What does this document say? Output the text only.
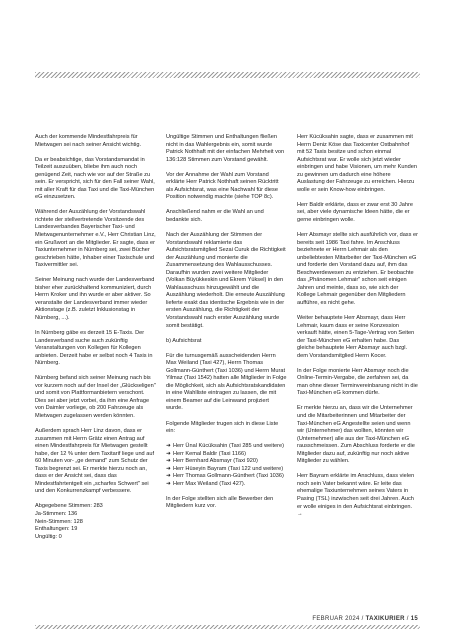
Auch der kommende Mindestfahrpreis für Mietwagen sei nach seiner Ansicht wichtig.

Da er beabsichtige, das Vorstandsmandat in Teilzeit auszuüben, bliebe ihm auch noch genügend Zeit, nach wie vor auf der Straße zu sein. Er verspricht, sich für den Fall seiner Wahl, mit aller Kraft für das Taxi und die Taxi-München eG einzusetzen.

Während der Auszählung der Vorstandswahl richtete der stellvertretende Vorsitzende des Landesverbandes Bayerischer Taxi- und Mietwagenunternehmer e.V., Herr Christian Linz, ein Grußwort an die Mitglieder. Er sagte, dass er Taxiunternehmer in Nürnberg sei, zwei Bücher geschrieben hätte, Inhaber einer Taxischule und Taxivermittler sei.

Seiner Meinung nach wurde der Landesverband bisher eher zurückhaltend kommuniziert, durch Herrn Kroker und ihn wurde er aber aktiver. So veranstalte der Landesverband immer wieder Aktionstage (z.B. zuletzt Inklusionstag in Nürnberg, ...).

In Nürnberg gäbe es derzeit 15 E-Taxis. Der Landesverband suche auch zukünftig Veranstaltungen von Kollegen für Kollegen anbieten. Derzeit habe er selbst noch 4 Taxis in Nürnberg.

Nürnberg befand sich seiner Meinung nach bis vor kurzem noch auf der Insel der „Glückseligen" und somit von Plattformanbietern verschont. Dies sei aber jetzt vorbei, da ihm eine Anfrage von Daimler vorliege, ob 200 Fahrzeuge als Mietwagen zugelassen werden könnten.

Außerdem sprach Herr Linz davon, dass er zusammen mit Herrn Grätz einen Antrag auf einen Mindestfahrpreis für Mietwagen gestellt habe, der 12 % unter dem Taxitarif liege und auf 60 Minuten vor- „ge demand" zum Schutz der Taxis begrenzt sei. Er merkte hierzu noch an, dass er der Ansicht sei, dass das Mindestfahrtentgelt ein „scharfes Schwert" sei und den Konkurrenzkampf verbessere.

Abgegebene Stimmen: 283

Ja-Stimmen: 136

Nein-Stimmen: 128

Enthaltungen: 19

Ungültig: 0

Ungültige Stimmen und Enthaltungen fließen nicht in das Wahlergebnis ein, somit wurde Patrick Nothhaft mit der einfachen Mehrheit von 136:128 Stimmen zum Vorstand gewählt.

Vor der Annahme der Wahl zum Vorstand erklärte Herr Patrick Nothhaft seinen Rücktritt als Aufsichtsrat, was eine Nachwahl für diese Position notwendig machte (siehe TOP 8c).

Anschließend nahm er die Wahl an und bedankte sich.

Nach der Auszählung der Stimmen der Vorstandswahl reklamierte das Aufsichtsratsmitglied Sezai Curuk die Richtigkeit der Auszählung und monierte die Zusammensetzung des Wahlausschusses. Daraufhin wurden zwei weitere Mitglieder (Volkan Büyükkeskin und Ekrem Yüksel) in den Wahlausschuss hinzugewählt und die Auszählung wiederholt. Die erneute Auszählung lieferte exakt das identische Ergebnis wie in der ersten Auszählung, die Richtigkeit der Vorstandswahl nach erster Auszählung wurde somit bestätigt.

b) Aufsichtsrat

Für die turnusgemäß ausscheidenden Herrn Max Weiland (Taxi 427), Herrn Thomas Gollmann-Günthert (Taxi 1036) und Herrn Murat Yilmaz (Taxi 1542) hatten alle Mitglieder in Folge die Möglichkeit, sich als Aufsichtsratskandidaten in eine Wahlliste eintragen zu lassen, die mit einem Beamer auf die Leinwand projiziert wurde.

Folgende Mitglieder trugen sich in diese Liste ein:

➜ Herr Ünal Kücüksahin (Taxi 285 und weitere)
➜ Herr Kemal Baldir (Taxi 1166)
➜ Herr Bernhard Absmayr (Taxi 920)
➜ Herr Hüseyin Bayram (Taxi 122 und weitere)
➜ Herr Thomas Gollmann-Günthert (Taxi 1036)
➜ Herr Max Weiland (Taxi 427).

In der Folge stellten sich alle Bewerber den Mitgliedern kurz vor.

Herr Kücüksahin sagte, dass er zusammen mit Herrn Deniz Köse das Taxicenter Ostbahnhof mit 52 Taxis besitze und schon einmal Aufsichtsrat war. Er wolle sich jetzt wieder einbringen und habe Visionen, um mehr Kunden zu gewinnen um dadurch eine höhere Auslastung der Fahrzeuge zu erreichen. Hierzu wolle er sein Know-how einbringen.

Herr Baldir erklärte, dass er zwar erst 30 Jahre sei, aber viele dynamische Ideen hätte, die er gerne einbringen wolle.

Herr Absmayr stellte sich ausführlich vor, dass er bereits seit 1986 Taxi fahre. Im Anschluss beziehnete er Herrn Lehmair als den unbeliebtesten Mitarbeiter der Taxi-München eG und forderte den Vorstand dazu auf, ihm das Beschwerdewesen zu entziehen. Er beobachte das „Phänomen Lehmair" schon seit einigen Jahren und meinte, dass so, wie sich der Kollege Lehmair gegenüber den Mitgliedern aufführe, es nicht gehe.

Weiter behauptete Herr Absmayr, dass Herr Lehmair, kaum dass er seine Konzession verkauft hätte, einen 5-Tage-Vertrag von Seiten der Taxi-München eG erhalten habe. Das gleiche behauptete Herr Absmayr auch bzgl. dem Vorstandsmitglied Herrn Kocer.

In der Folge monierte Herr Absmayr noch die Online-Termin-Vergabe, die zerfahren sei, da man ohne dieser Terminvereinbarung nicht in die Taxi-München eG kommen dürfe.

Er merkte hierzu an, dass wir die Unternehmer und die Mitarbeiterinnen und Mitarbeiter der Taxi-München eG Angestellte seien und wenn wir (Unternehmer) das wollten, könnten wir (Unternehmer) alle aus der Taxi-München eG rausschmeissen. Zum Abschluss forderte er die Mitglieder dazu auf, zukünftig nur noch aktive Mitglieder zu wählen.

Herr Bayram erklärte im Anschluss, dass vielen noch sein Vater bekannt wäre. Er leite das ehemalige Taxiunternehmen seines Vaters in Pasing (TSL) inzwischen seit drei Jahren. Auch er wolle einiges in den Aufsichtsrat einbringen. →

FEBRUAR 2024 / TAXIKURIER / 15
